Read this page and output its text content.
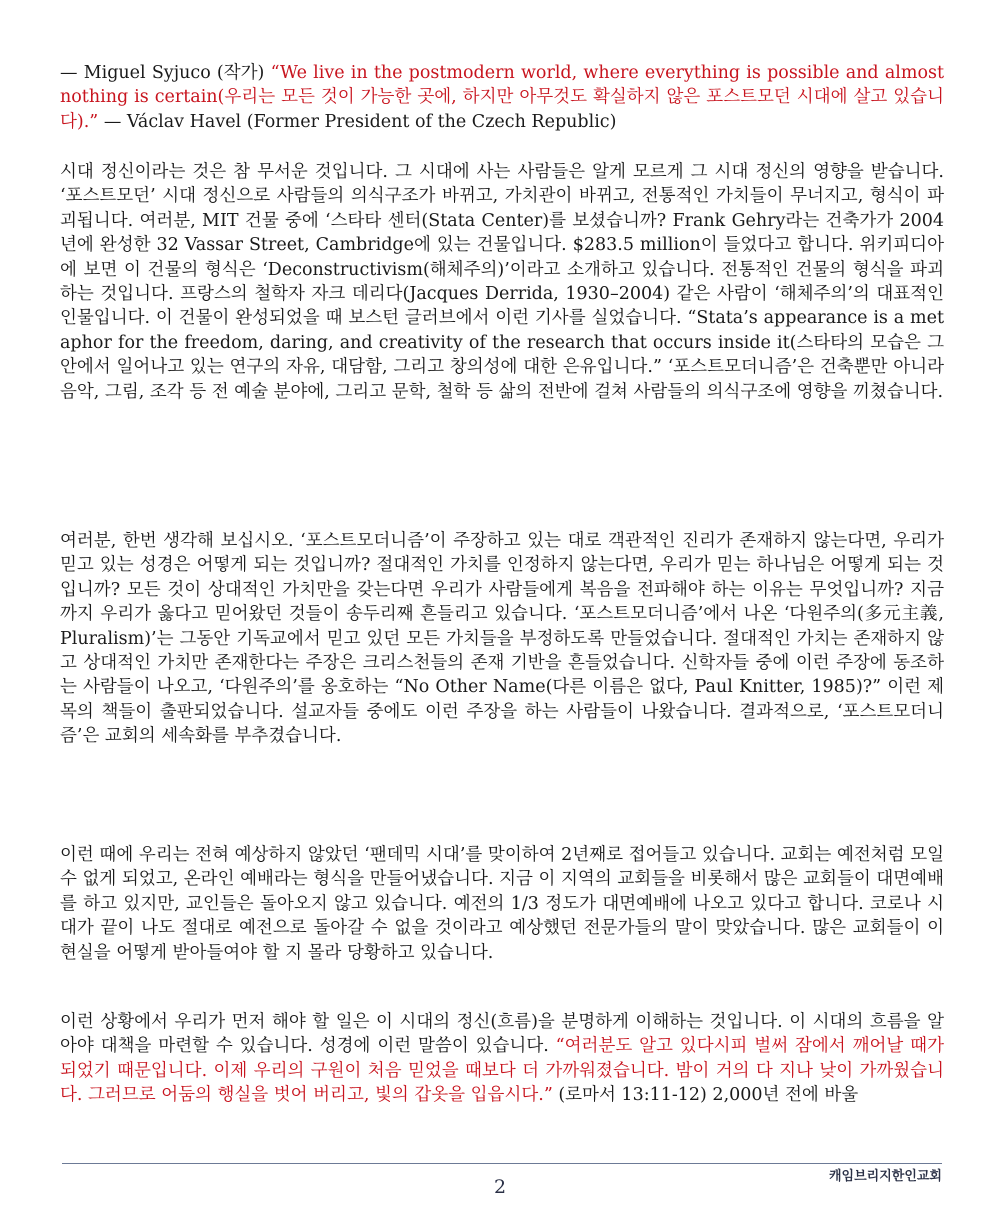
— Miguel Syjuco (작가) “We live in the postmodern world, where everything is possible and almost nothing is certain(우리는 모든 것이 가능한 곳에, 하지만 아무것도 확실하지 않은 포스트모던 시대에 살고 있습니다).” — Václav Havel (Former President of the Czech Republic)

시대 정신이라는 것은 참 무서운 것입니다. 그 시대에 사는 사람들은 알게 모르게 그 시대 정신의 영향을 받습니다. ‘포스트모던’ 시대 정신으로 사람들의 의식구조가 바뀌고, 가치관이 바뀌고, 전통적인 가치들이 무너지고, 형식이 파괴됩니다. 여러분, MIT 건물 중에 ‘스타타 센터(Stata Center)를 보셨습니까? Frank Gehry라는 건축가가 2004년에 완성한 32 Vassar Street, Cambridge에 있는 건물입니다. $283.5 million이 들었다고 합니다. 위키피디아에 보면 이 건물의 형식은 ‘Deconstructivism(해체주의)’이라고 소개하고 있습니다. 전통적인 건물의 형식을 파괴하는 것입니다. 프랑스의 철학자 자크 데리다(Jacques Derrida, 1930–2004) 같은 사람이 ‘해체주의’의 대표적인 인물입니다. 이 건물이 완성되었을 때 보스턴 글러브에서 이런 기사를 실었습니다. “Stata’s appearance is a metaphor for the freedom, daring, and creativity of the research that occurs inside it(스타타의 모습은 그 안에서 일어나고 있는 연구의 자유, 대담함, 그리고 창의성에 대한 은유입니다.” ‘포스트모더니즘’은 건축뿐만 아니라 음악, 그림, 조각 등 전 예술 분야에, 그리고 문학, 철학 등 삶의 전반에 걸쳐 사람들의 의식구조에 영향을 끼쳤습니다.

여러분, 한번 생각해 보십시오. ‘포스트모더니즘’이 주장하고 있는 대로 객관적인 진리가 존재하지 않는다면, 우리가 믿고 있는 성경은 어떻게 되는 것입니까? 절대적인 가치를 인정하지 않는다면, 우리가 믿는 하나님은 어떻게 되는 것입니까? 모든 것이 상대적인 가치만을 갖는다면 우리가 사람들에게 복음을 전파해야 하는 이유는 무엇입니까? 지금까지 우리가 옳다고 믿어왔던 것들이 송두리째 흔들리고 있습니다. ‘포스트모더니즘’에서 나온 ‘다원주의(多元主義, Pluralism)’는 그동안 기독교에서 믿고 있던 모든 가치들을 부정하도록 만들었습니다. 절대적인 가치는 존재하지 않고 상대적인 가치만 존재한다는 주장은 크리스천들의 존재 기반을 흔들었습니다. 신학자들 중에 이런 주장에 동조하는 사람들이 나오고, ‘다원주의’를 옹호하는 “No Other Name(다른 이름은 없다, Paul Knitter, 1985)?” 이런 제목의 책들이 출판되었습니다. 설교자들 중에도 이런 주장을 하는 사람들이 나왔습니다. 결과적으로, ‘포스트모더니즘’은 교회의 세속화를 부추겼습니다.

이런 때에 우리는 전혀 예상하지 않았던 ‘팬데믹 시대’를 맞이하여 2년째로 접어들고 있습니다. 교회는 예전처럼 모일 수 없게 되었고, 온라인 예배라는 형식을 만들어냈습니다. 지금 이 지역의 교회들을 비롯해서 많은 교회들이 대면예배를 하고 있지만, 교인들은 돌아오지 않고 있습니다. 예전의 1/3 정도가 대면예배에 나오고 있다고 합니다. 코로나 시대가 끝이 나도 절대로 예전으로 돌아갈 수 없을 것이라고 예상했던 전문가들의 말이 맞았습니다. 많은 교회들이 이 현실을 어떻게 받아들여야 할 지 몰라 당황하고 있습니다.

이런 상황에서 우리가 먼저 해야 할 일은 이 시대의 정신(흐름)을 분명하게 이해하는 것입니다. 이 시대의 흐름을 알아야 대책을 마련할 수 있습니다. 성경에 이런 말씀이 있습니다. “여러분도 알고 있다시피 벌써 잠에서 깨어날 때가 되었기 때문입니다. 이제 우리의 구원이 처음 믿었을 때보다 더 가까워졌습니다. 밤이 거의 다 지나 낮이 가까웠습니다. 그러므로 어둠의 행실을 벗어 버리고, 빛의 갑옷을 입읍시다.” (로마서 13:11-12) 2,000년 전에 바울

캐임브리지한인교회
2
